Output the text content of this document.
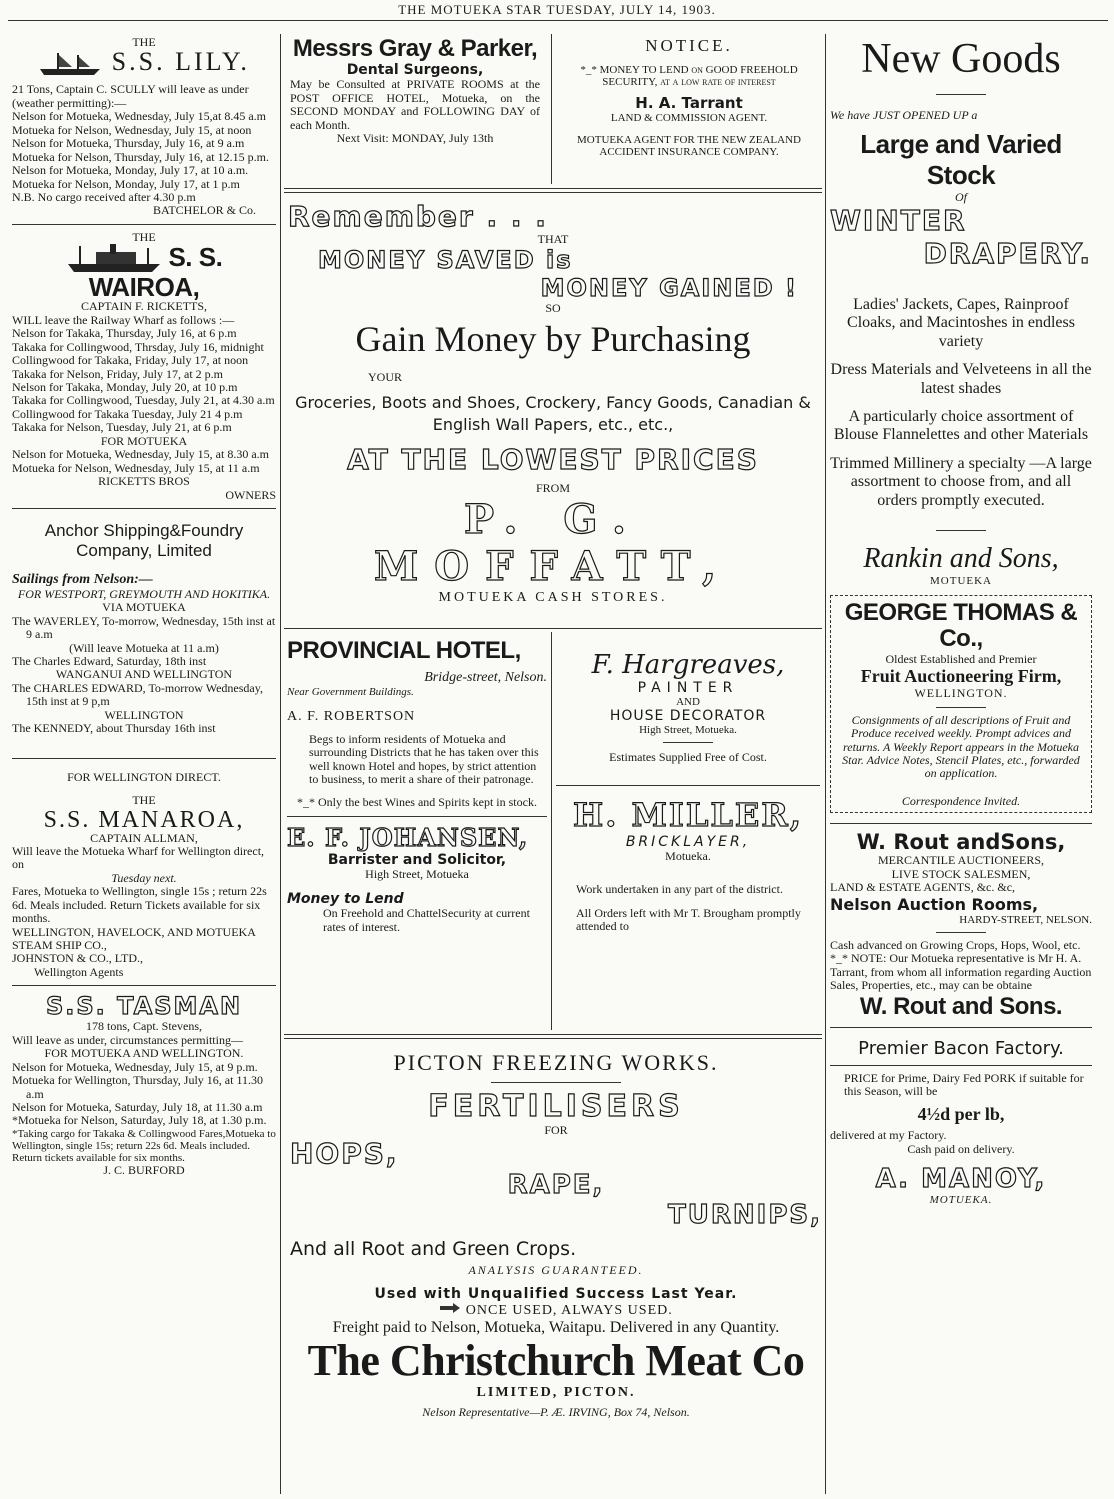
THE MOTUEKA STAR TUESDAY, JULY 14, 1903.
THE
S.S. LILY.
21 Tons, Captain C. SCULLY will leave as under (weather permitting):—
Nelson for Motueka, Wednesday, July 15,at 8.45 a.m
Motueka for Nelson, Wednesday, July 15, at noon
Nelson for Motueka, Thursday, July 16, at 9 a.m
Motueka for Nelson, Thursday, July 16, at 12.15 p.m.
Nelson for Motueka, Monday, July 17, at 10 a.m.
Motueka for Nelson, Monday, July 17, at 1 p.m
N.B. No cargo received after 4.30 p.m
BATCHELOR & Co.
THE
S. S. WAIROA,
CAPTAIN F. RICKETTS,
WILL leave the Railway Wharf as follows :—
Nelson for Takaka, Thursday, July 16, at 6 p.m
Takaka for Collingwood, Thrsday, July 16, midnight
Collingwood for Takaka, Friday, July 17, at noon
Takaka for Nelson, Friday, July 17, at 2 p.m
Nelson for Takaka, Monday, July 20, at 10 p.m
Takaka for Collingwood, Tuesday, July 21, at 4.30 a.m
Collingwood for Takaka Tuesday, July 21 4 p.m
Takaka for Nelson, Tuesday, July 21, at 6 p.m
FOR MOTUEKA
Nelson for Motueka, Wednesday, July 15, at 8.30 a.m
Motueka for Nelson, Wednesday, July 15, at 11 a.m
RICKETTS BROS
OWNERS
Anchor Shipping&Foundry Company, Limited
Sailings from Nelson:—
FOR WESTPORT, GREYMOUTH AND HOKITIKA.
VIA MOTUEKA
The WAVERLEY, To-morrow, Wednesday, 15th inst at 9 a.m
(Will leave Motueka at 11 a.m)
The Charles Edward, Saturday, 18th inst
WANGANUI AND WELLINGTON
The CHARLES EDWARD, To-morrow Wednesday, 15th inst at 9 p,m
WELLINGTON
The KENNEDY, about Thursday 16th inst
FOR WELLINGTON DIRECT.
THE
S.S. MANAROA,
CAPTAIN ALLMAN,
Will leave the Motueka Wharf for Wellington direct, on
Tuesday next.
Fares, Motueka to Wellington, single 15s ; return 22s 6d. Meals included. Return Tickets available for six months.
WELLINGTON, HAVELOCK, AND MOTUEKA STEAM SHIP CO.,
JOHNSTON & CO., LTD.,
Wellington Agents
S.S. TASMAN
178 tons, Capt. Stevens,
Will leave as under, circumstances permitting—
FOR MOTUEKA AND WELLINGTON.
Nelson for Motueka, Wednesday, July 15, at 9 p.m.
Motueka for Wellington, Thursday, July 16, at 11.30 a.m
Nelson for Motueka, Saturday, July 18, at 11.30 a.m
*Motueka for Nelson, Saturday, July 18, at 1.30 p.m.
*Taking cargo for Takaka & Collingwood Fares,Motueka to Wellington, single 15s; return 22s 6d. Meals included. Return tickets available for six months.
J. C. BURFORD
Messrs Gray & Parker,
Dental Surgeons,
May be Consulted at PRIVATE ROOMS at the POST OFFICE HOTEL, Motueka, on the SECOND MONDAY and FOLLOWING DAY of each Month.
Next Visit: MONDAY, July 13th
NOTICE.
*_* MONEY TO LEND on GOOD FREEHOLD SECURITY, at a low rate of interest
H. A. Tarrant
LAND & COMMISSION AGENT.
MOTUEKA AGENT FOR THE NEW ZEALAND ACCIDENT INSURANCE COMPANY.
Remember . . .
THAT
MONEY SAVED is
MONEY GAINED !
SO
Gain Money by Purchasing
YOUR
Groceries, Boots and Shoes, Crockery, Fancy Goods, Canadian & English Wall Papers, etc., etc.,
AT THE LOWEST PRICES
FROM
P. G. MOFFATT,
MOTUEKA CASH STORES.
PROVINCIAL HOTEL,
Bridge-street, Nelson.
Near Government Buildings.
A. F. ROBERTSON
Begs to inform residents of Motueka and surrounding Districts that he has taken over this well known Hotel and hopes, by strict attention to business, to merit a share of their patronage.
*_* Only the best Wines and Spirits kept in stock.
E. F. JOHANSEN,
Barrister and Solicitor,
High Street, Motueka
Money to Lend
On Freehold and ChattelSecurity at current rates of interest.
F. Hargreaves,
PAINTER
AND
HOUSE DECORATOR
High Street, Motueka.
Estimates Supplied Free of Cost.
H. MILLER,
BRICKLAYER,
Motueka.
Work undertaken in any part of the district.
All Orders left with Mr T. Brougham promptly attended to
PICTON FREEZING WORKS.
FERTILISERS
FOR
HOPS,
RAPE,
TURNIPS,
And all Root and Green Crops.
ANALYSIS GUARANTEED.
Used with Unqualified Success Last Year.
ONCE USED, ALWAYS USED.
Freight paid to Nelson, Motueka, Waitapu. Delivered in any Quantity.
The Christchurch Meat Co
LIMITED, PICTON.
Nelson Representative—P. Æ. IRVING, Box 74, Nelson.
New Goods
We have JUST OPENED UP a
Large and Varied Stock
Of
WINTER
DRAPERY.
Ladies' Jackets, Capes, Rainproof Cloaks, and Macintoshes in endless variety
Dress Materials and Velveteens in all the latest shades
A particularly choice assortment of Blouse Flannelettes and other Materials
Trimmed Millinery a specialty —A large assortment to choose from, and all orders promptly executed.
Rankin and Sons,
MOTUEKA
GEORGE THOMAS & Co.,
Oldest Established and Premier
Fruit Auctioneering Firm,
WELLINGTON.
Consignments of all descriptions of Fruit and Produce received weekly. Prompt advices and returns. A Weekly Report appears in the Motueka Star. Advice Notes, Stencil Plates, etc., forwarded on application.
Correspondence Invited.
W. Rout andSons,
MERCANTILE AUCTIONEERS,
LIVE STOCK SALESMEN,
LAND & ESTATE AGENTS, &c. &c,
Nelson Auction Rooms,
HARDY-STREET, NELSON.
Cash advanced on Growing Crops, Hops, Wool, etc.
*_* NOTE: Our Motueka representative is Mr H. A. Tarrant, from whom all information regarding Auction Sales, Properties, etc., may can be obtaine
W. Rout and Sons.
Premier Bacon Factory.
PRICE for Prime, Dairy Fed PORK if suitable for this Season, will be
4½d per lb,
delivered at my Factory.
Cash paid on delivery.
A. MANOY,
MOTUEKA.
